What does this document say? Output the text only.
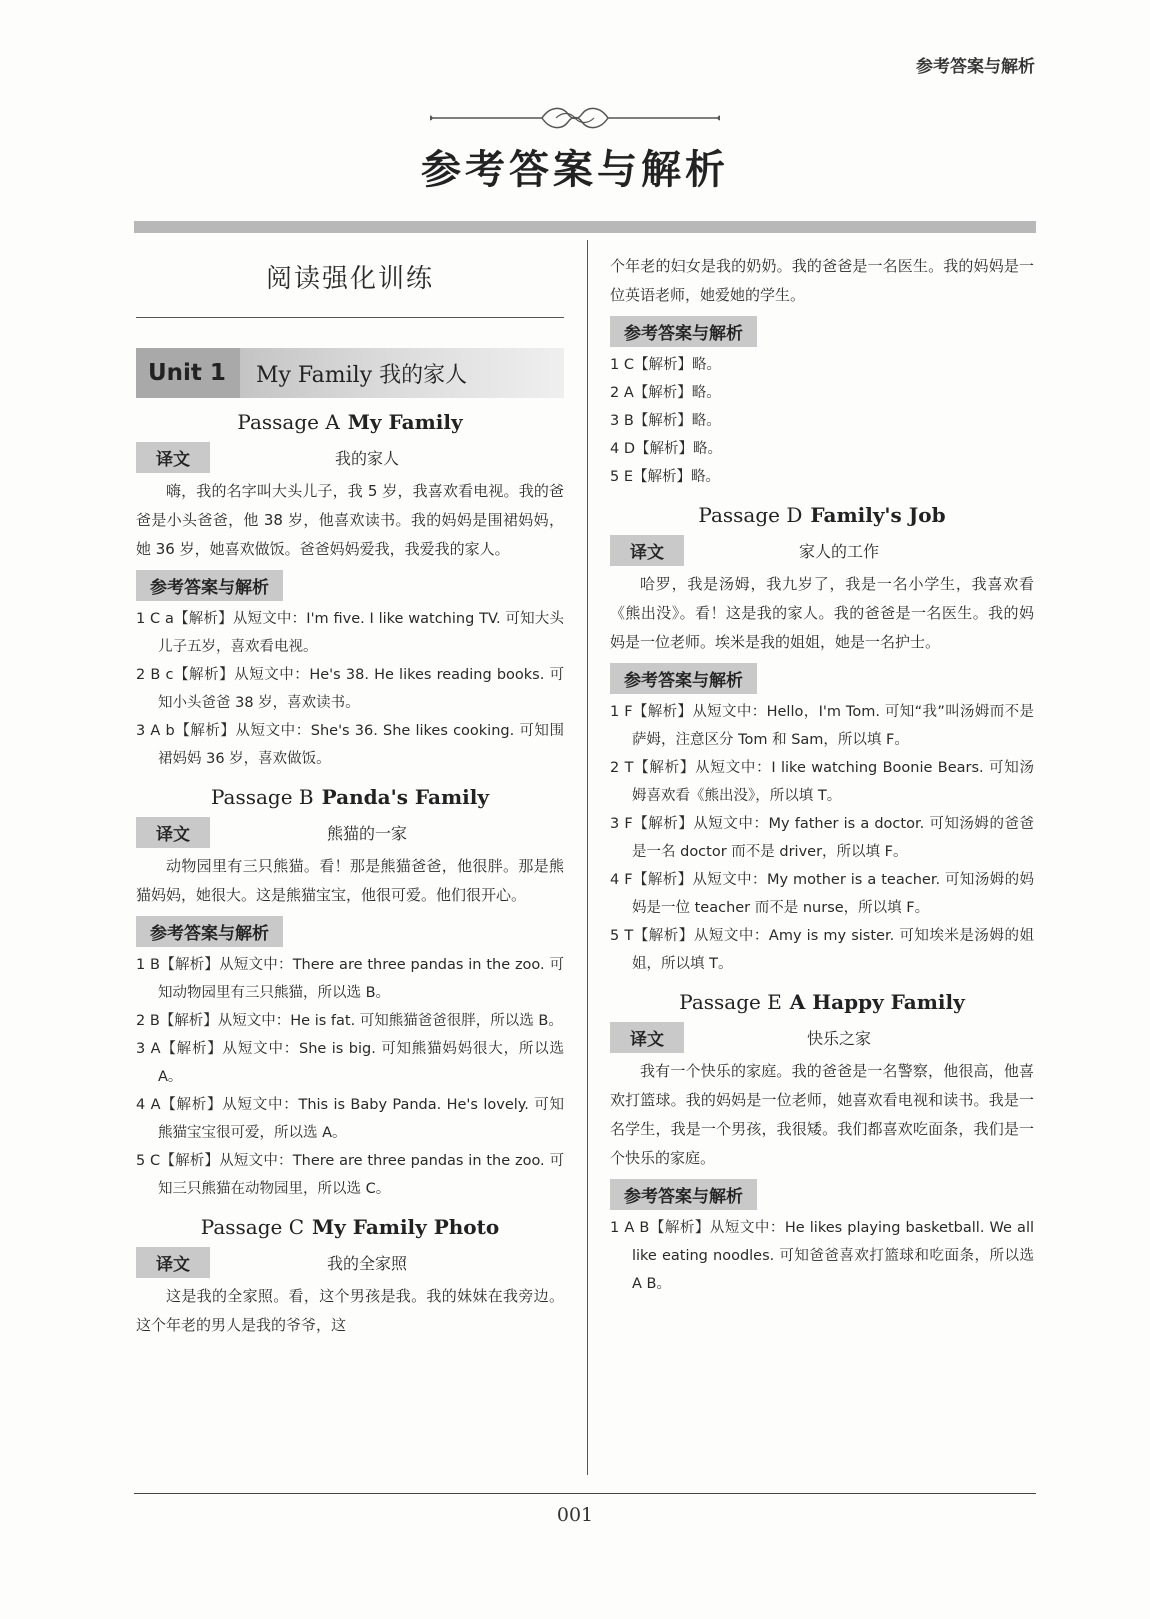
参考答案与解析
参考答案与解析
阅读强化训练
Unit 1	My Family 我的家人
Passage A My Family
译文	我的家人

嗨，我的名字叫大头儿子，我 5 岁，我喜欢看电视。我的爸爸是小头爸爸，他 38 岁，他喜欢读书。我的妈妈是围裙妈妈，她 36 岁，她喜欢做饭。爸爸妈妈爱我，我爱我的家人。

参考答案与解析
1 C a【解析】从短文中：I'm five. I like watching TV. 可知大头儿子五岁，喜欢看电视。
2 B c【解析】从短文中：He's 38. He likes reading books. 可知小头爸爸 38 岁，喜欢读书。
3 A b【解析】从短文中：She's 36. She likes cooking. 可知围裙妈妈 36 岁，喜欢做饭。
Passage B Panda's Family
译文	熊猫的一家

动物园里有三只熊猫。看！那是熊猫爸爸，他很胖。那是熊猫妈妈，她很大。这是熊猫宝宝，他很可爱。他们很开心。

参考答案与解析
1 B【解析】从短文中：There are three pandas in the zoo. 可知动物园里有三只熊猫，所以选 B。
2 B【解析】从短文中：He is fat. 可知熊猫爸爸很胖，所以选 B。
3 A【解析】从短文中：She is big. 可知熊猫妈妈很大，所以选 A。
4 A【解析】从短文中：This is Baby Panda. He's lovely. 可知熊猫宝宝很可爱，所以选 A。
5 C【解析】从短文中：There are three pandas in the zoo. 可知三只熊猫在动物园里，所以选 C。
Passage C My Family Photo
译文	我的全家照

这是我的全家照。看，这个男孩是我。我的妹妹在我旁边。这个年老的男人是我的爷爷，这

个年老的妇女是我的奶奶。我的爸爸是一名医生。我的妈妈是一位英语老师，她爱她的学生。

参考答案与解析
1 C【解析】略。
2 A【解析】略。
3 B【解析】略。
4 D【解析】略。
5 E【解析】略。
Passage D Family's Job
译文	家人的工作

哈罗，我是汤姆，我九岁了，我是一名小学生，我喜欢看《熊出没》。看！这是我的家人。我的爸爸是一名医生。我的妈妈是一位老师。埃米是我的姐姐，她是一名护士。

参考答案与解析
1 F【解析】从短文中：Hello，I'm Tom. 可知“我”叫汤姆而不是萨姆，注意区分 Tom 和 Sam，所以填 F。
2 T【解析】从短文中：I like watching Boonie Bears. 可知汤姆喜欢看《熊出没》，所以填 T。
3 F【解析】从短文中：My father is a doctor. 可知汤姆的爸爸是一名 doctor 而不是 driver，所以填 F。
4 F【解析】从短文中：My mother is a teacher. 可知汤姆的妈妈是一位 teacher 而不是 nurse，所以填 F。
5 T【解析】从短文中：Amy is my sister. 可知埃米是汤姆的姐姐，所以填 T。
Passage E A Happy Family
译文	快乐之家

我有一个快乐的家庭。我的爸爸是一名警察，他很高，他喜欢打篮球。我的妈妈是一位老师，她喜欢看电视和读书。我是一名学生，我是一个男孩，我很矮。我们都喜欢吃面条，我们是一个快乐的家庭。

参考答案与解析
1 A B【解析】从短文中：He likes playing basketball. We all like eating noodles. 可知爸爸喜欢打篮球和吃面条，所以选 A B。
001
